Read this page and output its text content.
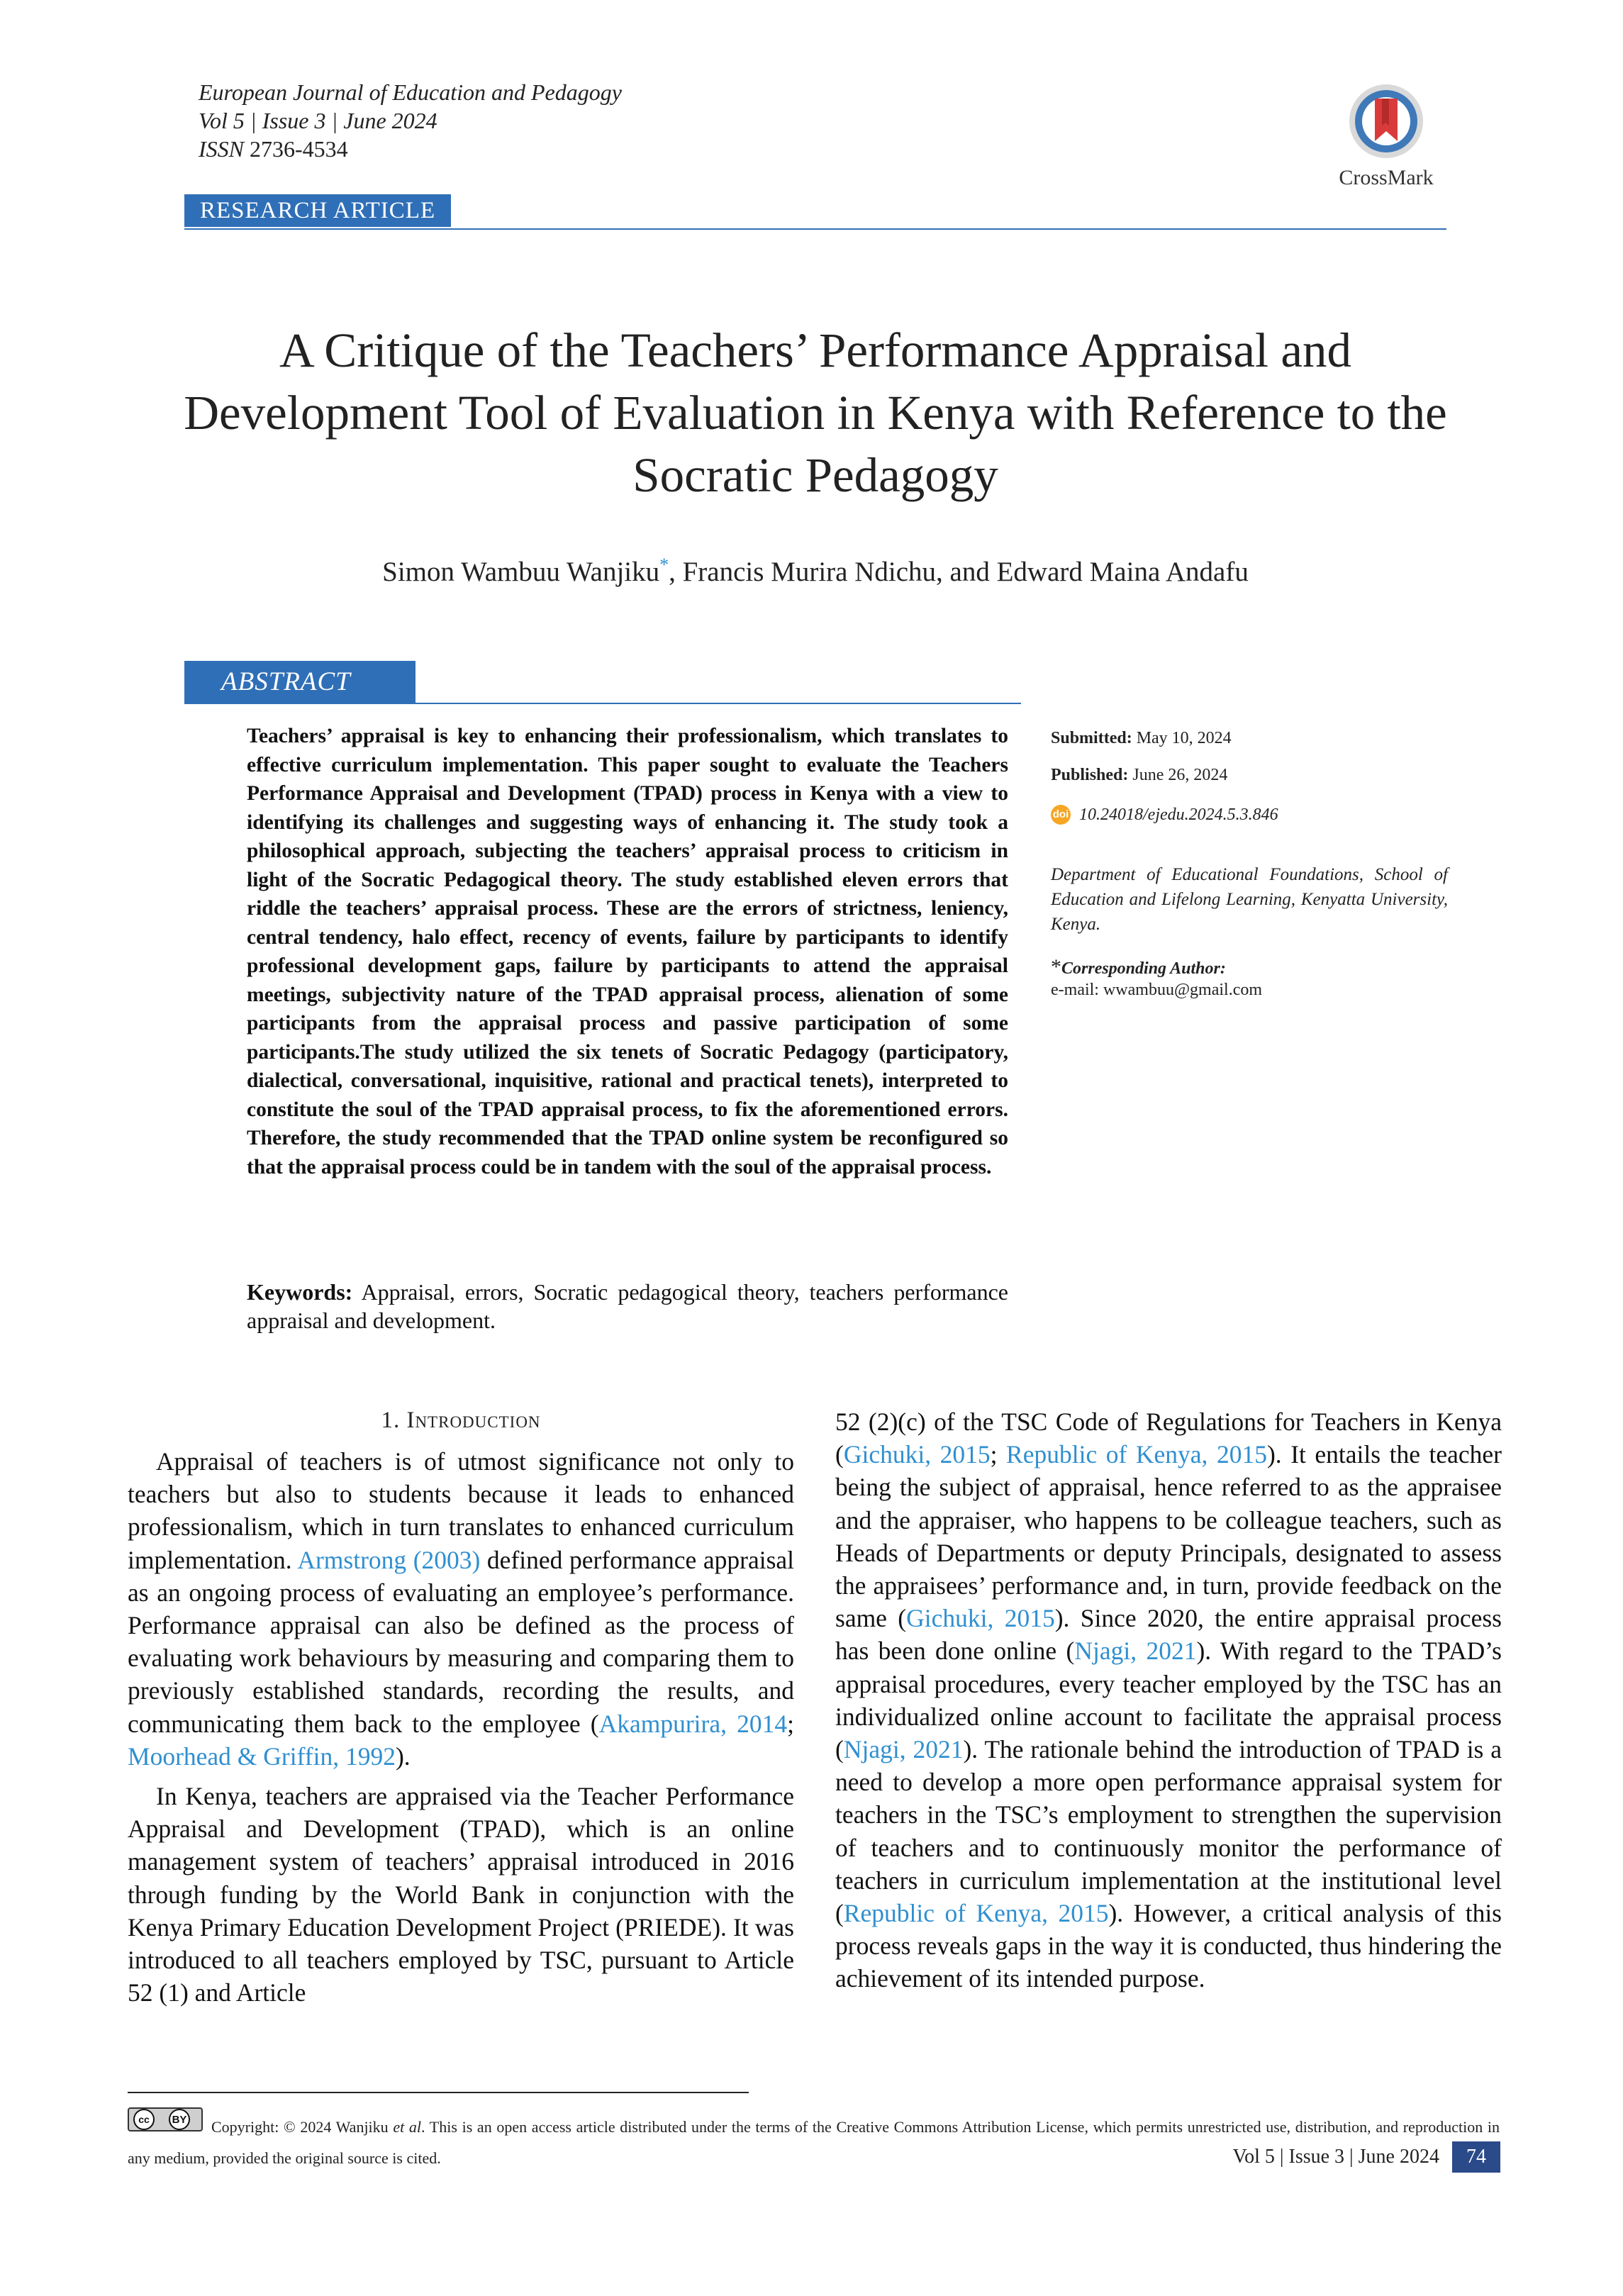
European Journal of Education and Pedagogy
Vol 5 | Issue 3 | June 2024
ISSN 2736-4534
CrossMark
RESEARCH ARTICLE
A Critique of the Teachers’ Performance Appraisal and Development Tool of Evaluation in Kenya with Reference to the Socratic Pedagogy
Simon Wambuu Wanjiku*, Francis Murira Ndichu, and Edward Maina Andafu
ABSTRACT
Teachers’ appraisal is key to enhancing their professionalism, which translates to effective curriculum implementation. This paper sought to evaluate the Teachers Performance Appraisal and Development (TPAD) process in Kenya with a view to identifying its challenges and suggesting ways of enhancing it. The study took a philosophical approach, subjecting the teachers’ appraisal process to criticism in light of the Socratic Pedagogical theory. The study established eleven errors that riddle the teachers’ appraisal process. These are the errors of strictness, leniency, central tendency, halo effect, recency of events, failure by participants to identify professional development gaps, failure by participants to attend the appraisal meetings, subjectivity nature of the TPAD appraisal process, alienation of some participants from the appraisal process and passive participation of some participants.The study utilized the six tenets of Socratic Pedagogy (participatory, dialectical, conversational, inquisitive, rational and practical tenets), interpreted to constitute the soul of the TPAD appraisal process, to fix the aforementioned errors. Therefore, the study recommended that the TPAD online system be reconfigured so that the appraisal process could be in tandem with the soul of the appraisal process.
Keywords: Appraisal, errors, Socratic pedagogical theory, teachers performance appraisal and development.
Submitted: May 10, 2024
Published: June 26, 2024
doi 10.24018/ejedu.2024.5.3.846
Department of Educational Foundations, School of Education and Lifelong Learning, Kenyatta University, Kenya.
*Corresponding Author:
e-mail: wwambuu@gmail.com
1. Introduction

Appraisal of teachers is of utmost significance not only to teachers but also to students because it leads to enhanced professionalism, which in turn translates to enhanced curriculum implementation. Armstrong (2003) defined performance appraisal as an ongoing process of evaluating an employee’s performance. Performance appraisal can also be defined as the process of evaluating work behaviours by measuring and comparing them to previously established standards, recording the results, and communicating them back to the employee (Akampurira, 2014; Moorhead & Griffin, 1992).

In Kenya, teachers are appraised via the Teacher Performance Appraisal and Development (TPAD), which is an online management system of teachers’ appraisal introduced in 2016 through funding by the World Bank in conjunction with the Kenya Primary Education Development Project (PRIEDE). It was introduced to all teachers employed by TSC, pursuant to Article 52 (1) and Article

52 (2)(c) of the TSC Code of Regulations for Teachers in Kenya (Gichuki, 2015; Republic of Kenya, 2015). It entails the teacher being the subject of appraisal, hence referred to as the appraisee and the appraiser, who happens to be colleague teachers, such as Heads of Departments or deputy Principals, designated to assess the appraisees’ performance and, in turn, provide feedback on the same (Gichuki, 2015). Since 2020, the entire appraisal process has been done online (Njagi, 2021). With regard to the TPAD’s appraisal procedures, every teacher employed by the TSC has an individualized online account to facilitate the appraisal process (Njagi, 2021). The rationale behind the introduction of TPAD is a need to develop a more open performance appraisal system for teachers in the TSC’s employment to strengthen the supervision of teachers and to continuously monitor the performance of teachers in curriculum implementation at the institutional level (Republic of Kenya, 2015). However, a critical analysis of this process reveals gaps in the way it is conducted, thus hindering the achievement of its intended purpose.

cc	BY	Copyright: © 2024 Wanjiku et al. This is an open access article distributed under the terms of the Creative Commons Attribution License, which permits unrestricted use, distribution, and reproduction in any medium, provided the original source is cited.	Vol 5 | Issue 3 | June 2024	74
